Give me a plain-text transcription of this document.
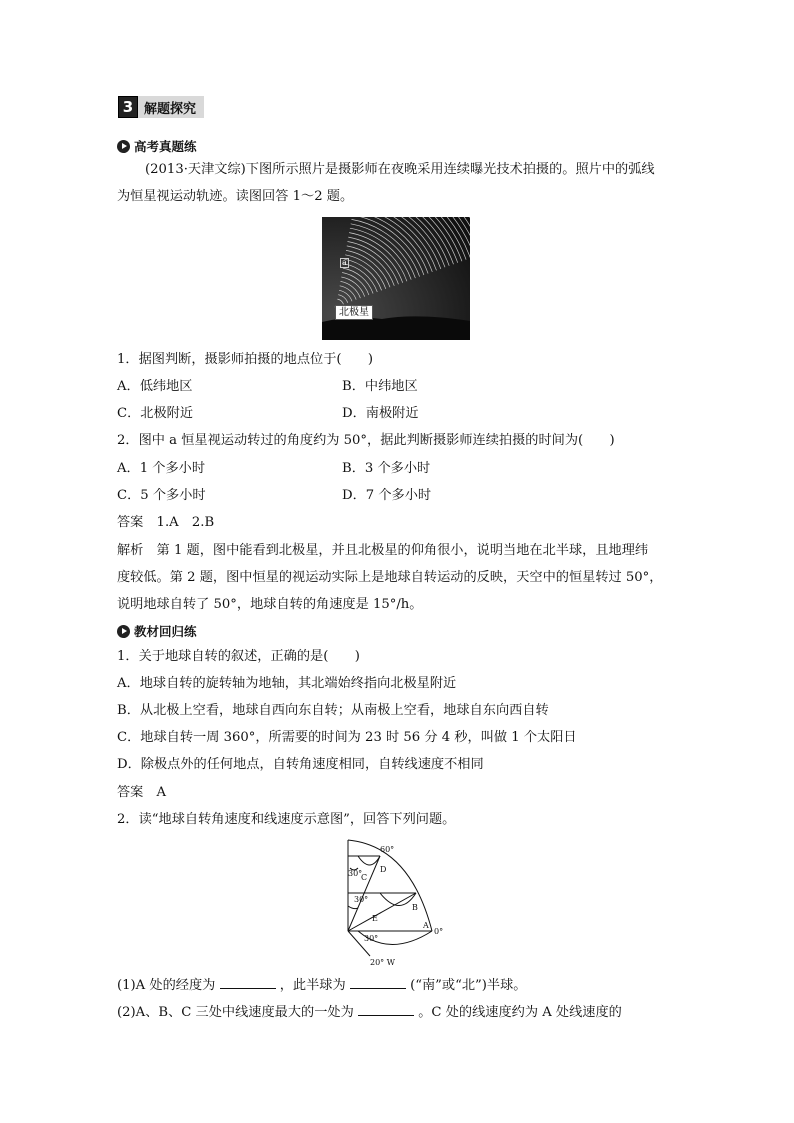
3 解题探究
高考真题练
(2013·天津文综)下图所示照片是摄影师在夜晚采用连续曝光技术拍摄的。照片中的弧线
为恒星视运动轨迹。读图回答 1～2 题。
a
北极星
1．据图判断，摄影师拍摄的地点位于(　　)
A．低纬地区	B．中纬地区
C．北极附近	D．南极附近
2．图中 a 恒星视运动转过的角度约为 50°，据此判断摄影师连续拍摄的时间为(　　)
A．1 个多小时	B．3 个多小时
C．5 个多小时	D．7 个多小时
答案　1.A　2.B
解析　第 1 题，图中能看到北极星，并且北极星的仰角很小，说明当地在北半球，且地理纬
度较低。第 2 题，图中恒星的视运动实际上是地球自转运动的反映，天空中的恒星转过 50°，
说明地球自转了 50°，地球自转的角速度是 15°/h。
教材回归练
1．关于地球自转的叙述，正确的是(　　)
A．地球自转的旋转轴为地轴，其北端始终指向北极星附近
B．从北极上空看，地球自西向东自转；从南极上空看，地球自东向西自转
C．地球自转一周 360°，所需要的时间为 23 时 56 分 4 秒，叫做 1 个太阳日
D．除极点外的任何地点，自转角速度相同，自转线速度不相同
答案　A
2．读“地球自转角速度和线速度示意图”，回答下列问题。
60°
D
C
30°
30°
B
E
A
0°
30°
20° W
(1)A 处的经度为	，此半球为	(“南”或“北”)半球。
(2)A、B、C 三处中线速度最大的一处为	。C 处的线速度约为 A 处线速度的
